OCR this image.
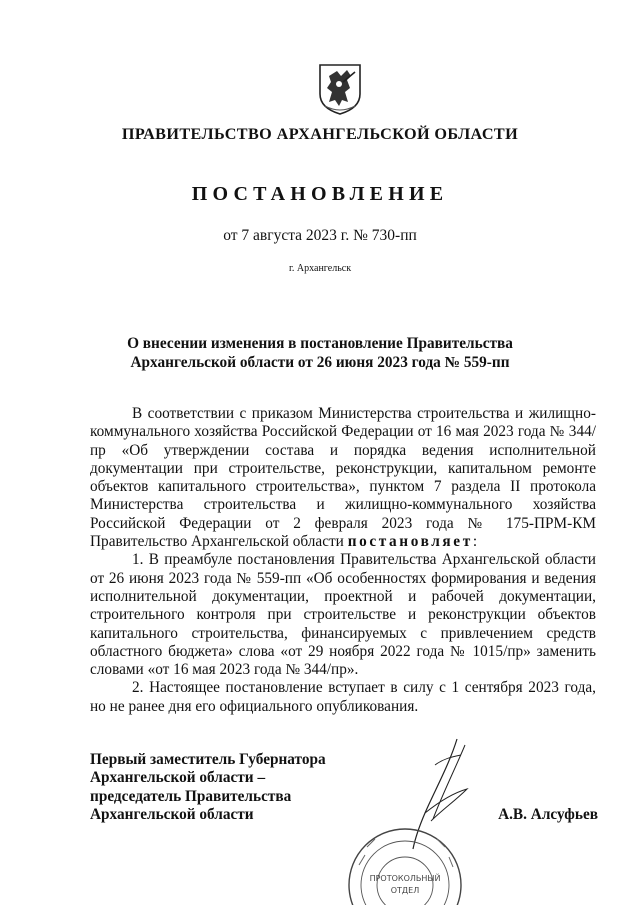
ПРАВИТЕЛЬСТВО АРХАНГЕЛЬСКОЙ ОБЛАСТИ
ПОСТАНОВЛЕНИЕ
от 7 августа 2023 г. № 730-пп
г. Архангельск
О внесении изменения в постановление Правительства
Архангельской области от 26 июня 2023 года № 559-пп

В соответствии с приказом Министерства строительства и жилищно-коммунального хозяйства Российской Федерации от 16 мая 2023 года № 344/пр «Об утверждении состава и порядка ведения исполнительной документации при строительстве, реконструкции, капитальном ремонте объектов капитального строительства», пунктом 7 раздела II протокола Министерства строительства и жилищно-коммунального хозяйства Российской Федерации от 2 февраля 2023 года № 175-ПРМ-КМ Правительство Архангельской области постановляет:

1. В преамбуле постановления Правительства Архангельской области от 26 июня 2023 года № 559-пп «Об особенностях формирования и ведения исполнительной документации, проектной и рабочей документации, строительного контроля при строительстве и реконструкции объектов капитального строительства, финансируемых с привлечением средств областного бюджета» слова «от 29 ноября 2022 года № 1015/пр» заменить словами «от 16 мая 2023 года № 344/пр».

2. Настоящее постановление вступает в силу с 1 сентября 2023 года, но не ранее дня его официального опубликования.

Первый заместитель Губернатора
Архангельской области –
председатель Правительства
Архангельской области	А.В. Алсуфьев
ПРОТОКОЛЬНЫЙ
ОТДЕЛ
